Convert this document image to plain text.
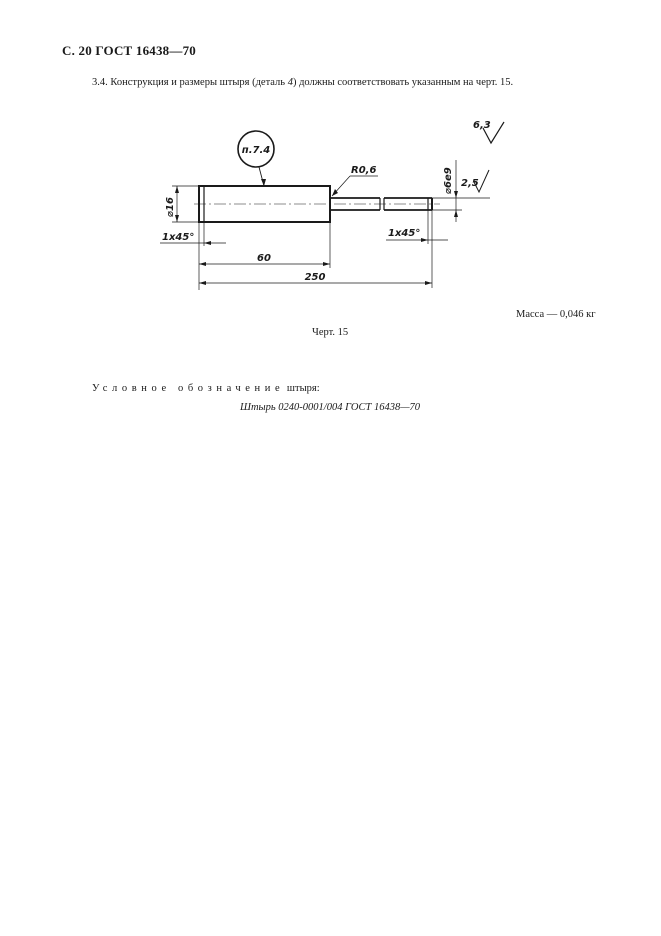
С. 20 ГОСТ 16438—70
3.4. Конструкция и размеры штыря (деталь 4) должны соответствовать указанным на черт. 15.
п.7.4
6,3
2,5
R0,6
⌀16
⌀6e9
1x45°	1x45°
60
250
Масса — 0,046 кг
Черт. 15
Условное обозначение штыря:
Штырь 0240-0001/004 ГОСТ 16438—70
